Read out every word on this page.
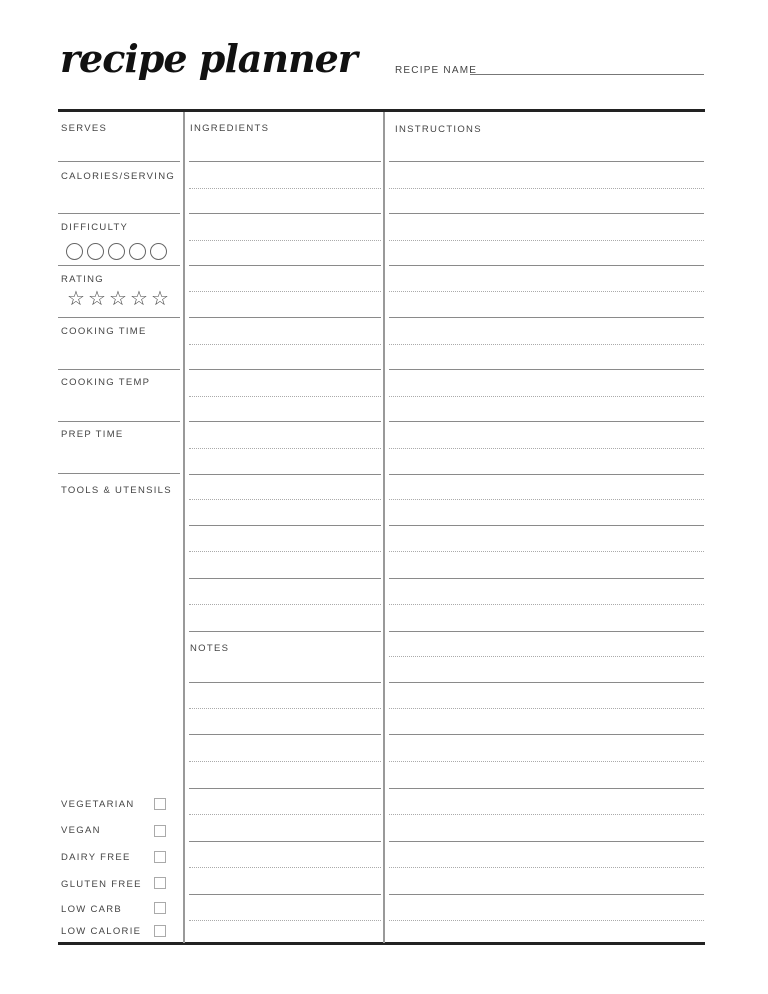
recipe planner	RECIPE NAME
SERVES
CALORIES/SERVING
DIFFICULTY
RATING
☆ ☆ ☆ ☆ ☆
COOKING TIME
COOKING TEMP
PREP TIME
TOOLS & UTENSILS
VEGETARIAN
VEGAN
DAIRY FREE
GLUTEN FREE
LOW CARB
LOW CALORIE
INGREDIENTS
NOTES
INSTRUCTIONS
